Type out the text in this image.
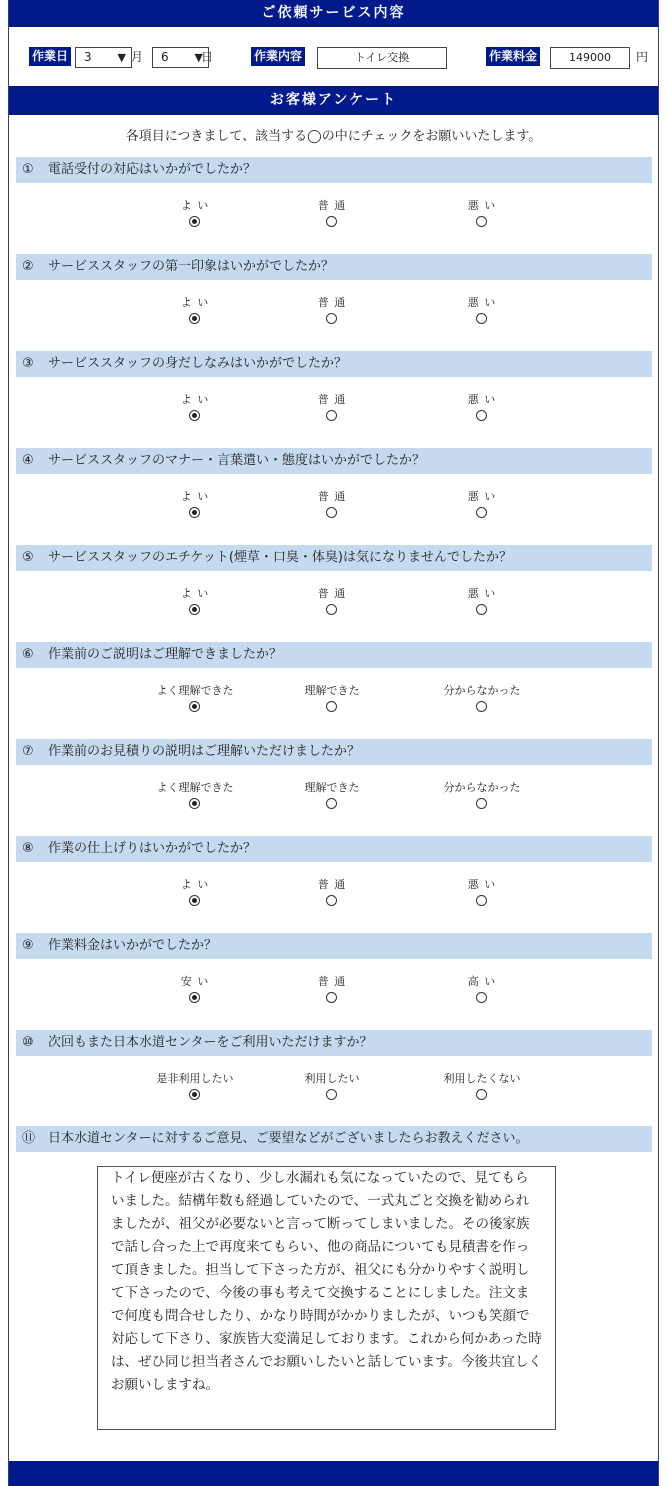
ご依頼サービス内容
作業日	3 ▼ 月	6 ▼
日	作業内容	トイレ交換	作業料金	149000	円
お客様アンケート
各項目につきまして、該当する◯の中にチェックをお願いいたします。
① 電話受付の対応はいかがでしたか？
よ い	普 通	悪 い
② サービススタッフの第一印象はいかがでしたか？
よ い	普 通	悪 い
③ サービススタッフの身だしなみはいかがでしたか？
よ い	普 通	悪 い
④ サービススタッフのマナー・言葉遣い・態度はいかがでしたか？
よ い	普 通	悪 い
⑤ サービススタッフのエチケット(煙草・口臭・体臭)は気になりませんでしたか？
よ い	普 通	悪 い
⑥ 作業前のご説明はご理解できましたか？
よく理解できた	理解できた	分からなかった
⑦ 作業前のお見積りの説明はご理解いただけましたか？
よく理解できた	理解できた	分からなかった
⑧ 作業の仕上げりはいかがでしたか？
よ い	普 通	悪 い
⑨ 作業料金はいかがでしたか？
安 い	普 通	高 い
⑩ 次回もまた日本水道センターをご利用いただけますか？
是非利用したい	利用したい	利用したくない
⑪ 日本水道センターに対するご意見、ご要望などがございましたらお教えください。
トイレ便座が古くなり、少し水漏れも気になっていたので、見てもらいました。結構年数も経過していたので、一式丸ごと交換を勧められましたが、祖父が必要ないと言って断ってしまいました。その後家族で話し合った上で再度来てもらい、他の商品についても見積書を作って頂きました。担当して下さった方が、祖父にも分かりやすく説明して下さったので、今後の事も考えて交換することにしました。注文まで何度も問合せしたり、かなり時間がかかりましたが、いつも笑顔で対応して下さり、家族皆大変満足しております。これから何かあった時は、ぜひ同じ担当者さんでお願いしたいと話しています。今後共宜しくお願いしますね。
